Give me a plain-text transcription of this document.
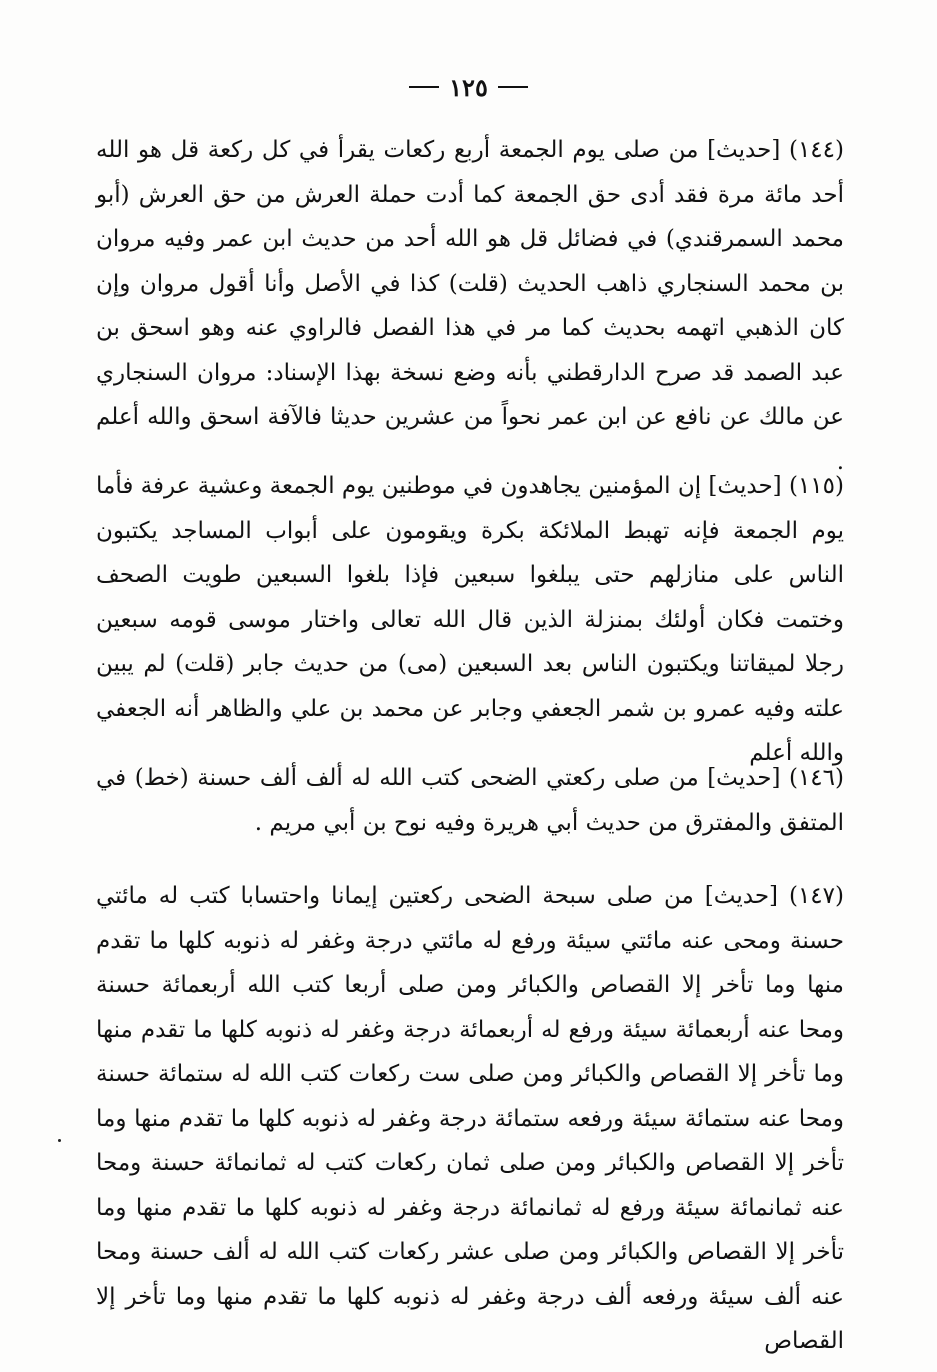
١٢٥

(١٤٤) [حديث] من صلى يوم الجمعة أربع ركعات يقرأ في كل ركعة قل هو الله أحد مائة مرة فقد أدى حق الجمعة كما أدت حملة العرش من حق العرش (أبو محمد السمرقندي) في فضائل قل هو الله أحد من حديث ابن عمر وفيه مروان بن محمد السنجاري ذاهب الحديث (قلت) كذا في الأصل وأنا أقول مروان وإن كان الذهبي اتهمه بحديث كما مر في هذا الفصل فالراوي عنه وهو اسحق بن عبد الصمد قد صرح الدارقطني بأنه وضع نسخة بهذا الإسناد: مروان السنجاري عن مالك عن نافع عن ابن عمر نحواً من عشرين حديثا فالآفة اسحق والله أعلم .

(١١٥) [حديث] إن المؤمنين يجاهدون في موطنين يوم الجمعة وعشية عرفة فأما يوم الجمعة فإنه تهبط الملائكة بكرة ويقومون على أبواب المساجد يكتبون الناس على منازلهم حتى يبلغوا سبعين فإذا بلغوا السبعين طويت الصحف وختمت فكان أولئك بمنزلة الذين قال الله تعالى واختار موسى قومه سبعين رجلا لميقاتنا ويكتبون الناس بعد السبعين (مى) من حديث جابر (قلت) لم يبين علته وفيه عمرو بن شمر الجعفي وجابر عن محمد بن علي والظاهر أنه الجعفي والله أعلم

(١٤٦) [حديث] من صلى ركعتي الضحى كتب الله له ألف ألف حسنة (خط) في المتفق والمفترق من حديث أبي هريرة وفيه نوح بن أبي مريم .

(١٤٧) [حديث] من صلى سبحة الضحى ركعتين إيمانا واحتسابا كتب له مائتي حسنة ومحى عنه مائتي سيئة ورفع له مائتي درجة وغفر له ذنوبه كلها ما تقدم منها وما تأخر إلا القصاص والكبائر ومن صلى أربعا كتب الله أربعمائة حسنة ومحا عنه أربعمائة سيئة ورفع له أربعمائة درجة وغفر له ذنوبه كلها ما تقدم منها وما تأخر إلا القصاص والكبائر ومن صلى ست ركعات كتب الله له ستمائة حسنة ومحا عنه ستمائة سيئة ورفعه ستمائة درجة وغفر له ذنوبه كلها ما تقدم منها وما تأخر إلا القصاص والكبائر ومن صلى ثمان ركعات كتب له ثمانمائة حسنة ومحا عنه ثمانمائة سيئة ورفع له ثمانمائة درجة وغفر له ذنوبه كلها ما تقدم منها وما تأخر إلا القصاص والكبائر ومن صلى عشر ركعات كتب الله له ألف حسنة ومحا عنه ألف سيئة ورفعه ألف درجة وغفر له ذنوبه كلها ما تقدم منها وما تأخر إلا القصاص
